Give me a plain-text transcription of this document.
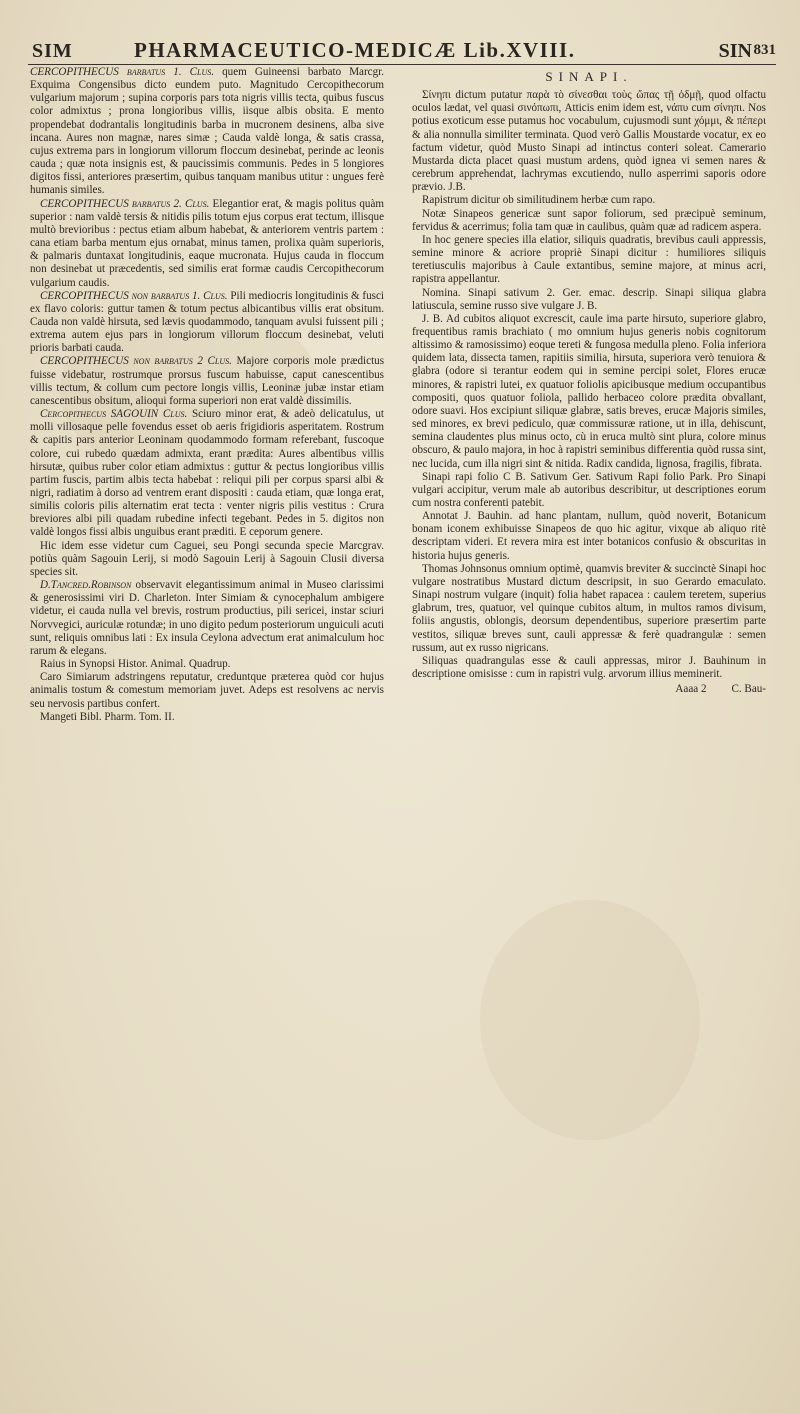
SIM	PHARMACEUTICO-MEDICÆ Lib.XVIII.	SIN 831

CERCOPITHECUS barbatus 1. Clus. quem Guineensi barbato Marcgr. Exquima Congensibus dicto eundem puto. Magnitudo Cercopithecorum vulgarium majorum ; supina corporis pars tota nigris villis tecta, quibus fuscus color admixtus ; prona longioribus villis, iisque albis obsita. E mento propendebat dodrantalis longitudinis barba in mucronem desinens, alba sive incana. Aures non magnæ, nares simæ ; Cauda valdè longa, & satis crassa, cujus extrema pars in longiorum villorum floccum desinebat, perinde ac leonis cauda ; quæ nota insignis est, & paucissimis communis. Pedes in 5 longiores digitos fissi, anteriores præsertim, quibus tanquam manibus utitur : ungues ferè humanis similes.

CERCOPITHECUS barbatus 2. Clus. Elegantior erat, & magis politus quàm superior : nam valdè tersis & nitidis pilis totum ejus corpus erat tectum, illisque multò brevioribus : pectus etiam album habebat, & anteriorem ventris partem : cana etiam barba mentum ejus ornabat, minus tamen, prolixa quàm superioris, & palmaris duntaxat longitudinis, eaque mucronata. Hujus cauda in floccum non desinebat ut præcedentis, sed similis erat formæ caudis Cercopithecorum vulgarium caudis.

CERCOPITHECUS non barbatus 1. Clus. Pili mediocris longitudinis & fusci ex flavo coloris: guttur tamen & totum pectus albicantibus villis erat obsitum. Cauda non valdè hirsuta, sed lævis quodammodo, tanquam avulsi fuissent pili ; extrema autem ejus pars in longiorum villorum floccum desinebat, veluti prioris barbati cauda.

CERCOPITHECUS non barbatus 2 Clus. Majore corporis mole prædictus fuisse videbatur, rostrumque prorsus fuscum habuisse, caput canescentibus villis tectum, & collum cum pectore longis villis, Leoninæ jubæ instar etiam canescentibus obsitum, alioqui forma superiori non erat valdè dissimilis.

Cercopithecus SAGOUIN Clus. Sciuro minor erat, & adeò delicatulus, ut molli villosaque pelle fovendus esset ob aeris frigidioris asperitatem. Rostrum & capitis pars anterior Leoninam quodammodo formam referebant, fuscoque colore, cui rubedo quædam admixta, erant prædita: Aures albentibus villis hirsutæ, quibus ruber color etiam admixtus : guttur & pectus longioribus villis partim fuscis, partim albis tecta habebat : reliqui pili per corpus sparsi albi & nigri, radiatim à dorso ad ventrem erant dispositi : cauda etiam, quæ longa erat, similis coloris pilis alternatim erat tecta : venter nigris pilis vestitus : Crura breviores albi pili quadam rubedine infecti tegebant. Pedes in 5. digitos non valdè longos fissi albis unguibus erant præditi. E ceporum genere.

Hic idem esse videtur cum Caguei, seu Pongi secunda specie Marcgrav. potiùs quàm Sagouin Lerij, si modò Sagouin Lerij à Sagouin Clusii diversa species sit.

D.Tancred.Robinson observavit elegantissimum animal in Museo clarissimi & generosissimi viri D. Charleton. Inter Simiam & cynocephalum ambigere videtur, ei cauda nulla vel brevis, rostrum productius, pili sericei, instar sciuri Norvvegici, auriculæ rotundæ; in uno digito pedum posteriorum unguiculi acuti sunt, reliquis omnibus lati : Ex insula Ceylona advectum erat animalculum hoc rarum & elegans.

Raius in Synopsi Histor. Animal. Quadrup.

Caro Simiarum adstringens reputatur, creduntque præterea quòd cor hujus animalis tostum & comestum memoriam juvet. Adeps est resolvens ac nervis seu nervosis partibus confert.

Mangeti Bibl. Pharm. Tom. II.

SINAPI.

Σίνηπι dictum putatur παρὰ τὸ σίνεσθαι τοὺς ὤπας τῇ ὀδμῇ, quod olfactu oculos lædat, vel quasi σινόπωπι, Atticis enim idem est, νάπυ cum σίνηπι. Nos potius exoticum esse putamus hoc vocabulum, cujusmodi sunt χόμμι, & πέπερι & alia nonnulla similiter terminata. Quod verò Gallis Moustarde vocatur, ex eo factum videtur, quòd Musto Sinapi ad intinctus conteri soleat. Camerario Mustarda dicta placet quasi mustum ardens, quòd ignea vi semen nares & cerebrum apprehendat, lachrymas excutiendo, nullo asperrimi saporis odore prævio. J.B.

Rapistrum dicitur ob similitudinem herbæ cum rapo.

Notæ Sinapeos genericæ sunt sapor foliorum, sed præcipuè seminum, fervidus & acerrimus; folia tam quæ in caulibus, quàm quæ ad radicem aspera.

In hoc genere species illa elatior, siliquis quadratis, brevibus cauli appressis, semine minore & acriore propriè Sinapi dicitur : humiliores siliquis teretiusculis majoribus à Caule extantibus, semine majore, at minus acri, rapistra appellantur.

Nomina. Sinapi sativum 2. Ger. emac. descrip. Sinapi siliqua glabra latiuscula, semine russo sive vulgare J. B.

J. B. Ad cubitos aliquot excrescit, caule ima parte hirsuto, superiore glabro, frequentibus ramis brachiato ( mo omnium hujus generis nobis cognitorum altissimo & ramosissimo) eoque tereti & fungosa medulla pleno. Folia inferiora quidem lata, dissecta tamen, rapitiis similia, hirsuta, superiora verò tenuiora & glabra (odore si terantur eodem qui in semine percipi solet, Flores erucæ minores, & rapistri lutei, ex quatuor foliolis apicibusque medium occupantibus compositi, quos quatuor foliola, pallido herbaceo colore prædita obvallant, odore suavi. Hos excipiunt siliquæ glabræ, satis breves, erucæ Majoris similes, sed minores, ex brevi pediculo, quæ commissuræ ratione, ut in illa, dehiscunt, semina claudentes plus minus octo, cù in eruca multò sint plura, colore minus obscuro, & paulo majora, in hoc à rapistri seminibus differentia quòd russa sint, nec lucida, cum illa nigri sint & nitida. Radix candida, lignosa, fragilis, fibrata.

Sinapi rapi folio C B. Sativum Ger. Sativum Rapi folio Park. Pro Sinapi vulgari accipitur, verum male ab autoribus describitur, ut descriptiones eorum cum nostra conferenti patebit.

Annotat J. Bauhin. ad hanc plantam, nullum, quòd noverit, Botanicum bonam iconem exhibuisse Sinapeos de quo hic agitur, vixque ab aliquo ritè descriptam videri. Et revera mira est inter botanicos confusio & obscuritas in historia hujus generis.

Thomas Johnsonus omnium optimè, quamvis breviter & succinctè Sinapi hoc vulgare nostratibus Mustard dictum descripsit, in suo Gerardo emaculato. Sinapi nostrum vulgare (inquit) folia habet rapacea : caulem teretem, superius glabrum, tres, quatuor, vel quinque cubitos altum, in multos ramos divisum, foliis angustis, oblongis, deorsum dependentibus, superiore præsertim parte vestitos, siliquæ breves sunt, cauli appressæ & ferè quadrangulæ : semen russum, aut ex russo nigricans.

Siliquas quadrangulas esse & cauli appressas, miror J. Bauhinum in descriptione omisisse : cum in rapistri vulg. arvorum illius meminerit.

Aaaa 2 C. Bau-
